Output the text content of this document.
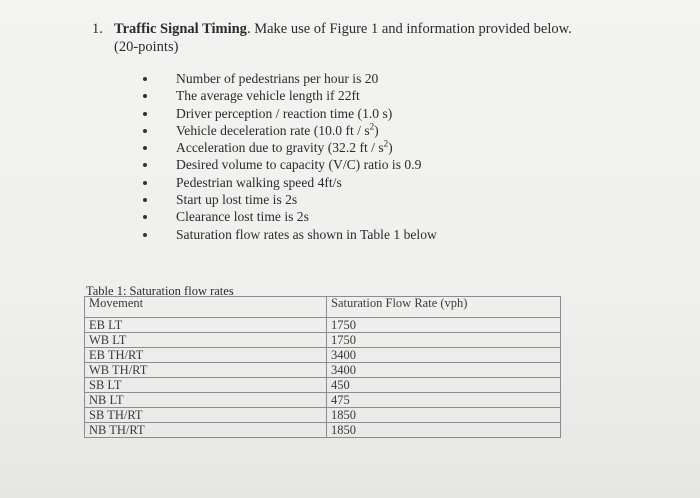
1. Traffic Signal Timing. Make use of Figure 1 and information provided below.
(20-points)
Number of pedestrians per hour is 20
The average vehicle length if 22ft
Driver perception / reaction time (1.0 s)
Vehicle deceleration rate (10.0 ft / $s^2$)
Acceleration due to gravity (32.2 ft / $s^2$)
Desired volume to capacity (V/C) ratio is 0.9
Pedestrian walking speed 4ft/s
Start up lost time is 2s
Clearance lost time is 2s
Saturation flow rates as shown in Table 1 below
Table 1: Saturation flow rates
Movement	Saturation Flow Rate (vph)
EB LT	1750
WB LT	1750
EB TH/RT	3400
WB TH/RT	3400
SB LT	450
NB LT	475
SB TH/RT	1850
NB TH/RT	1850
